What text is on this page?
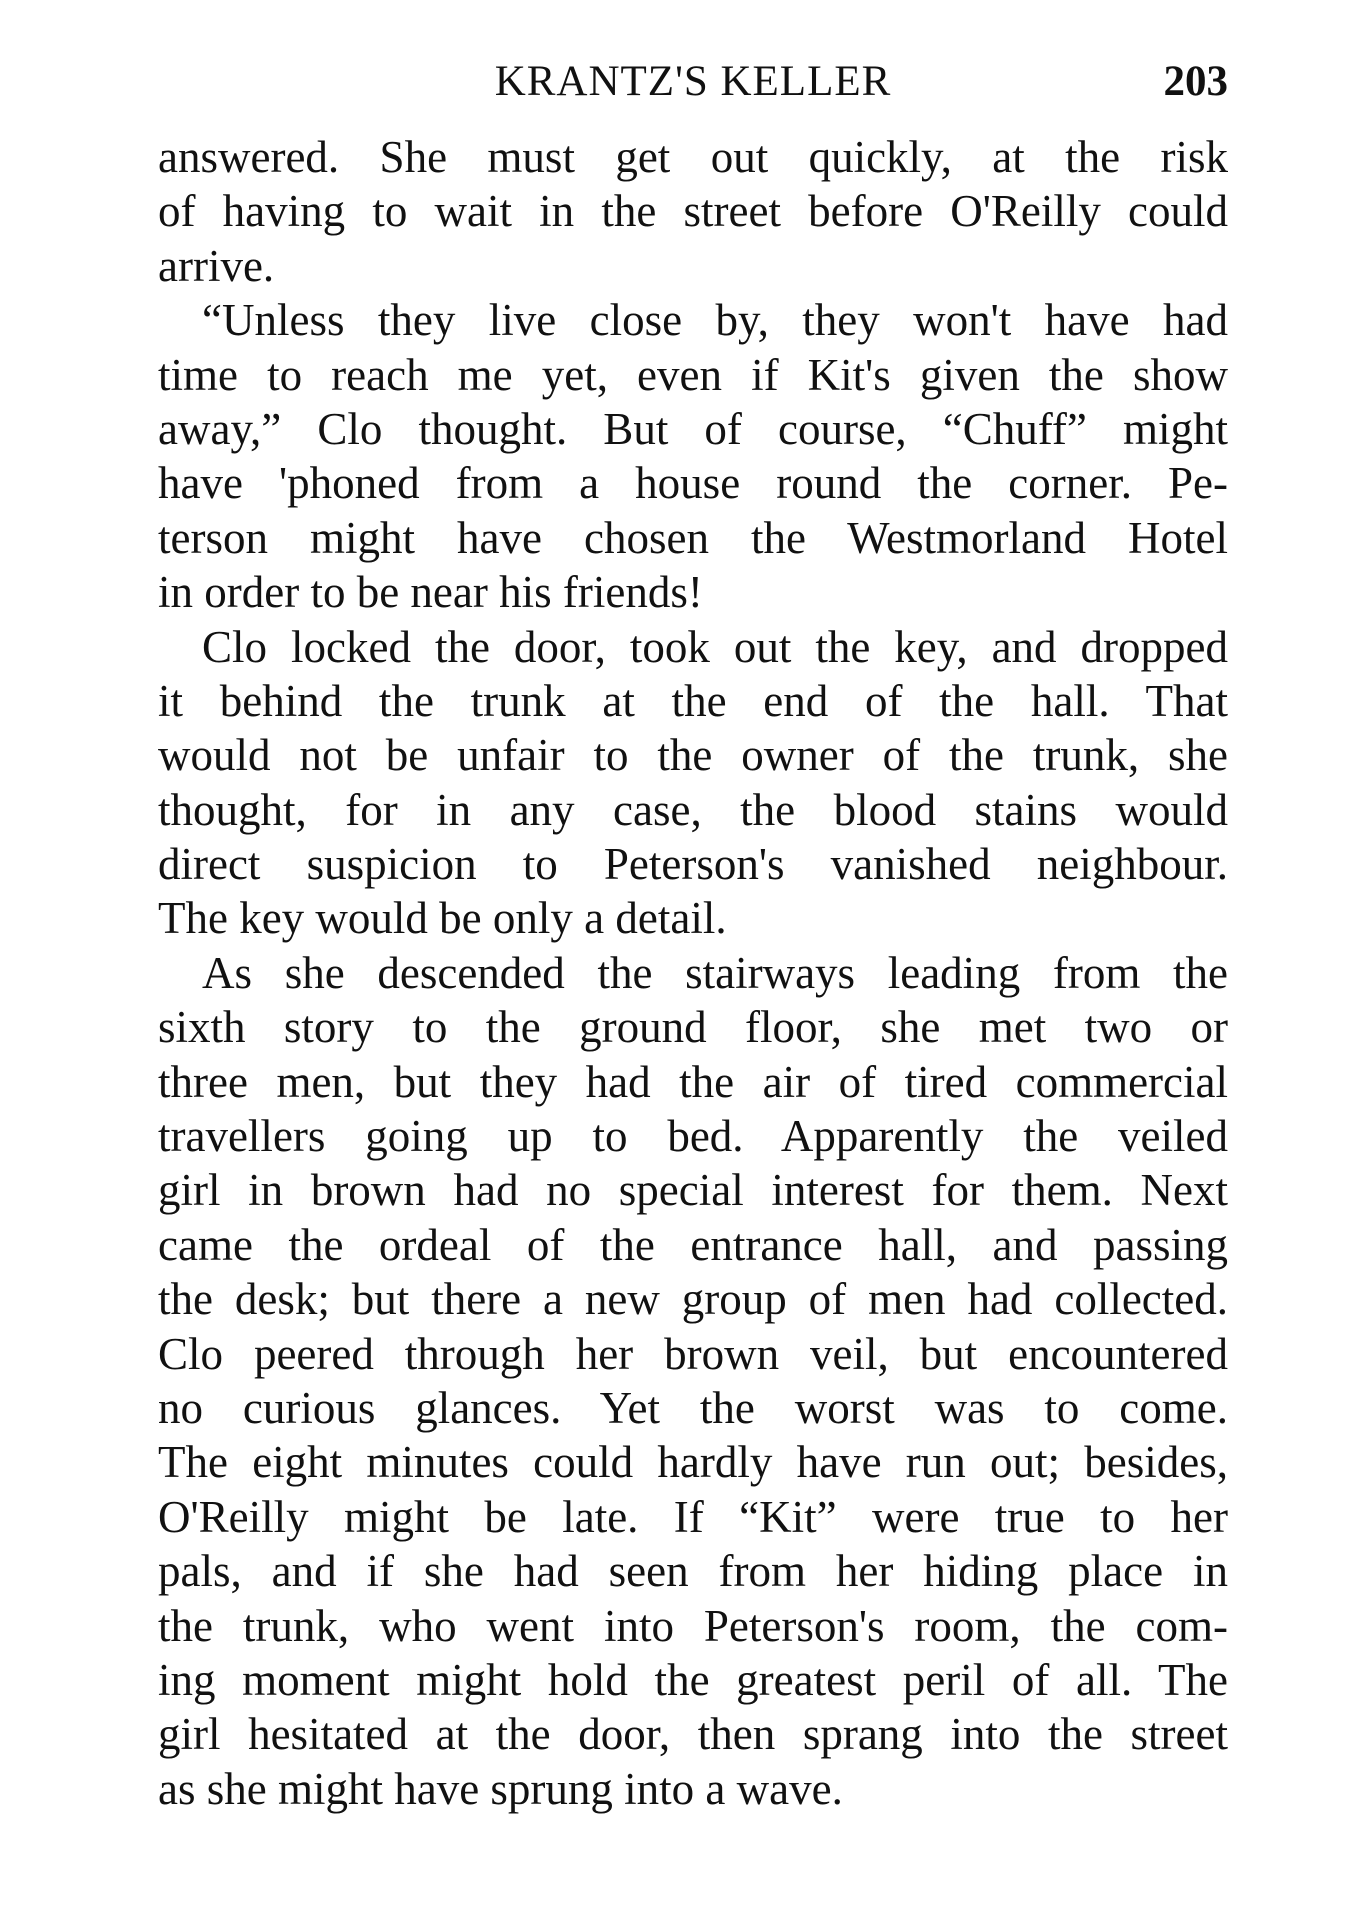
KRANTZ'S KELLER	203
answered. She must get out quickly, at the risk
of having to wait in the street before O'Reilly could
arrive.
“Unless they live close by, they won't have had
time to reach me yet, even if Kit's given the show
away,” Clo thought. But of course, “Chuff” might
have 'phoned from a house round the corner. Pe-
terson might have chosen the Westmorland Hotel
in order to be near his friends!
Clo locked the door, took out the key, and dropped
it behind the trunk at the end of the hall. That
would not be unfair to the owner of the trunk, she
thought, for in any case, the blood stains would
direct suspicion to Peterson's vanished neighbour.
The key would be only a detail.
As she descended the stairways leading from the
sixth story to the ground floor, she met two or
three men, but they had the air of tired commercial
travellers going up to bed. Apparently the veiled
girl in brown had no special interest for them. Next
came the ordeal of the entrance hall, and passing
the desk; but there a new group of men had collected.
Clo peered through her brown veil, but encountered
no curious glances. Yet the worst was to come.
The eight minutes could hardly have run out; besides,
O'Reilly might be late. If “Kit” were true to her
pals, and if she had seen from her hiding place in
the trunk, who went into Peterson's room, the com-
ing moment might hold the greatest peril of all. The
girl hesitated at the door, then sprang into the street
as she might have sprung into a wave.
